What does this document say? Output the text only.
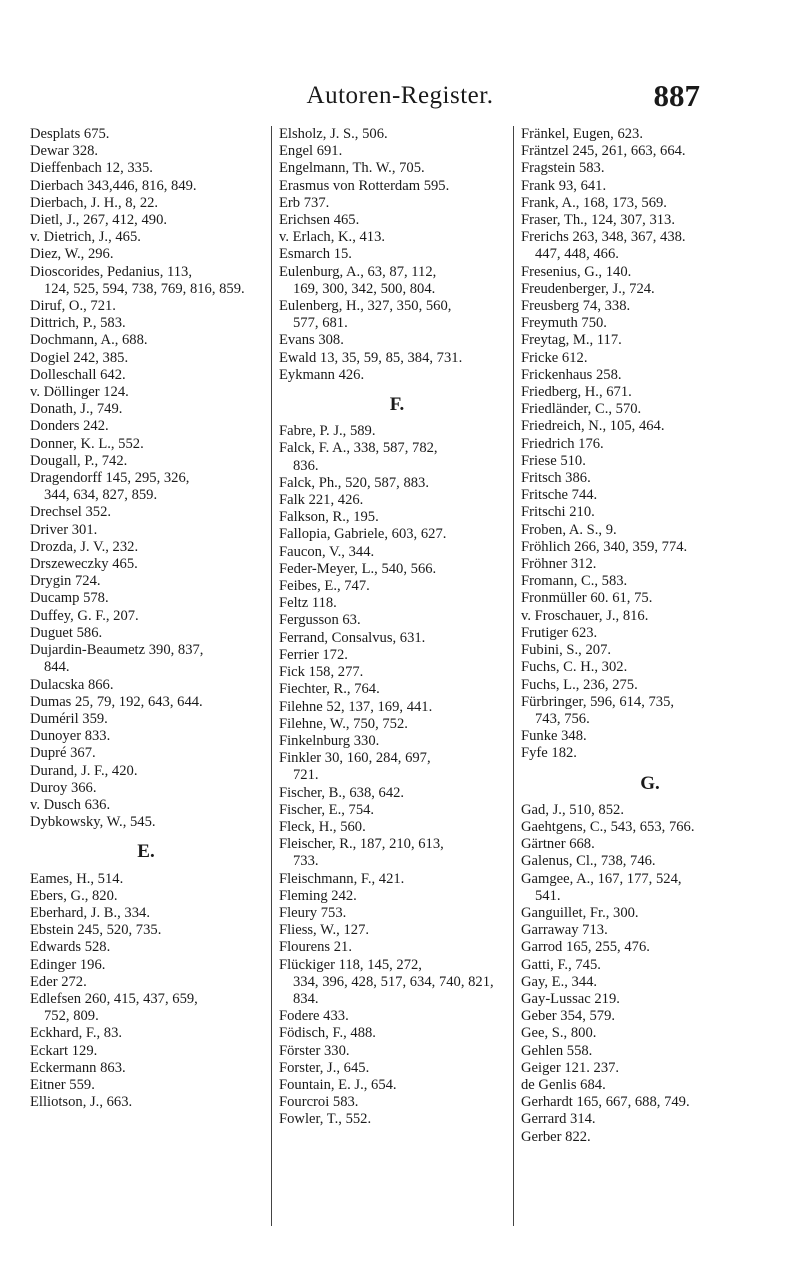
Autoren-Register.	887
Desplats 675.
Dewar 328.
Dieffenbach 12, 335.
Dierbach 343,446, 816, 849.
Dierbach, J. H., 8, 22.
Dietl, J., 267, 412, 490.
v. Dietrich, J., 465.
Diez, W., 296.
Dioscorides, Pedanius, 113,
124, 525, 594, 738, 769, 816, 859.
Diruf, O., 721.
Dittrich, P., 583.
Dochmann, A., 688.
Dogiel 242, 385.
Dolleschall 642.
v. Döllinger 124.
Donath, J., 749.
Donders 242.
Donner, K. L., 552.
Dougall, P., 742.
Dragendorff 145, 295, 326,
344, 634, 827, 859.
Drechsel 352.
Driver 301.
Drozda, J. V., 232.
Drszeweczky 465.
Drygin 724.
Ducamp 578.
Duffey, G. F., 207.
Duguet 586.
Dujardin-Beaumetz 390, 837,
844.
Dulacska 866.
Dumas 25, 79, 192, 643, 644.
Duméril 359.
Dunoyer 833.
Dupré 367.
Durand, J. F., 420.
Duroy 366.
v. Dusch 636.
Dybkowsky, W., 545.
E.
Eames, H., 514.
Ebers, G., 820.
Eberhard, J. B., 334.
Ebstein 245, 520, 735.
Edwards 528.
Edinger 196.
Eder 272.
Edlefsen 260, 415, 437, 659,
752, 809.
Eckhard, F., 83.
Eckart 129.
Eckermann 863.
Eitner 559.
Elliotson, J., 663.
Elsholz, J. S., 506.
Engel 691.
Engelmann, Th. W., 705.
Erasmus von Rotterdam 595.
Erb 737.
Erichsen 465.
v. Erlach, K., 413.
Esmarch 15.
Eulenburg, A., 63, 87, 112,
169, 300, 342, 500, 804.
Eulenberg, H., 327, 350, 560,
577, 681.
Evans 308.
Ewald 13, 35, 59, 85, 384, 731.
Eykmann 426.
F.
Fabre, P. J., 589.
Falck, F. A., 338, 587, 782,
836.
Falck, Ph., 520, 587, 883.
Falk 221, 426.
Falkson, R., 195.
Fallopia, Gabriele, 603, 627.
Faucon, V., 344.
Feder-Meyer, L., 540, 566.
Feibes, E., 747.
Feltz 118.
Fergusson 63.
Ferrand, Consalvus, 631.
Ferrier 172.
Fick 158, 277.
Fiechter, R., 764.
Filehne 52, 137, 169, 441.
Filehne, W., 750, 752.
Finkelnburg 330.
Finkler 30, 160, 284, 697,
721.
Fischer, B., 638, 642.
Fischer, E., 754.
Fleck, H., 560.
Fleischer, R., 187, 210, 613,
733.
Fleischmann, F., 421.
Fleming 242.
Fleury 753.
Fliess, W., 127.
Flourens 21.
Flückiger 118, 145, 272,
334, 396, 428, 517, 634, 740, 821, 834.
Fodere 433.
Födisch, F., 488.
Förster 330.
Forster, J., 645.
Fountain, E. J., 654.
Fourcroi 583.
Fowler, T., 552.
Fränkel, Eugen, 623.
Fräntzel 245, 261, 663, 664.
Fragstein 583.
Frank 93, 641.
Frank, A., 168, 173, 569.
Fraser, Th., 124, 307, 313.
Frerichs 263, 348, 367, 438.
447, 448, 466.
Fresenius, G., 140.
Freudenberger, J., 724.
Freusberg 74, 338.
Freymuth 750.
Freytag, M., 117.
Fricke 612.
Frickenhaus 258.
Friedberg, H., 671.
Friedländer, C., 570.
Friedreich, N., 105, 464.
Friedrich 176.
Friese 510.
Fritsch 386.
Fritsche 744.
Fritschi 210.
Froben, A. S., 9.
Fröhlich 266, 340, 359, 774.
Fröhner 312.
Fromann, C., 583.
Fronmüller 60. 61, 75.
v. Froschauer, J., 816.
Frutiger 623.
Fubini, S., 207.
Fuchs, C. H., 302.
Fuchs, L., 236, 275.
Fürbringer, 596, 614, 735,
743, 756.
Funke 348.
Fyfe 182.
G.
Gad, J., 510, 852.
Gaehtgens, C., 543, 653, 766.
Gärtner 668.
Galenus, Cl., 738, 746.
Gamgee, A., 167, 177, 524,
541.
Ganguillet, Fr., 300.
Garraway 713.
Garrod 165, 255, 476.
Gatti, F., 745.
Gay, E., 344.
Gay-Lussac 219.
Geber 354, 579.
Gee, S., 800.
Gehlen 558.
Geiger 121. 237.
de Genlis 684.
Gerhardt 165, 667, 688, 749.
Gerrard 314.
Gerber 822.
